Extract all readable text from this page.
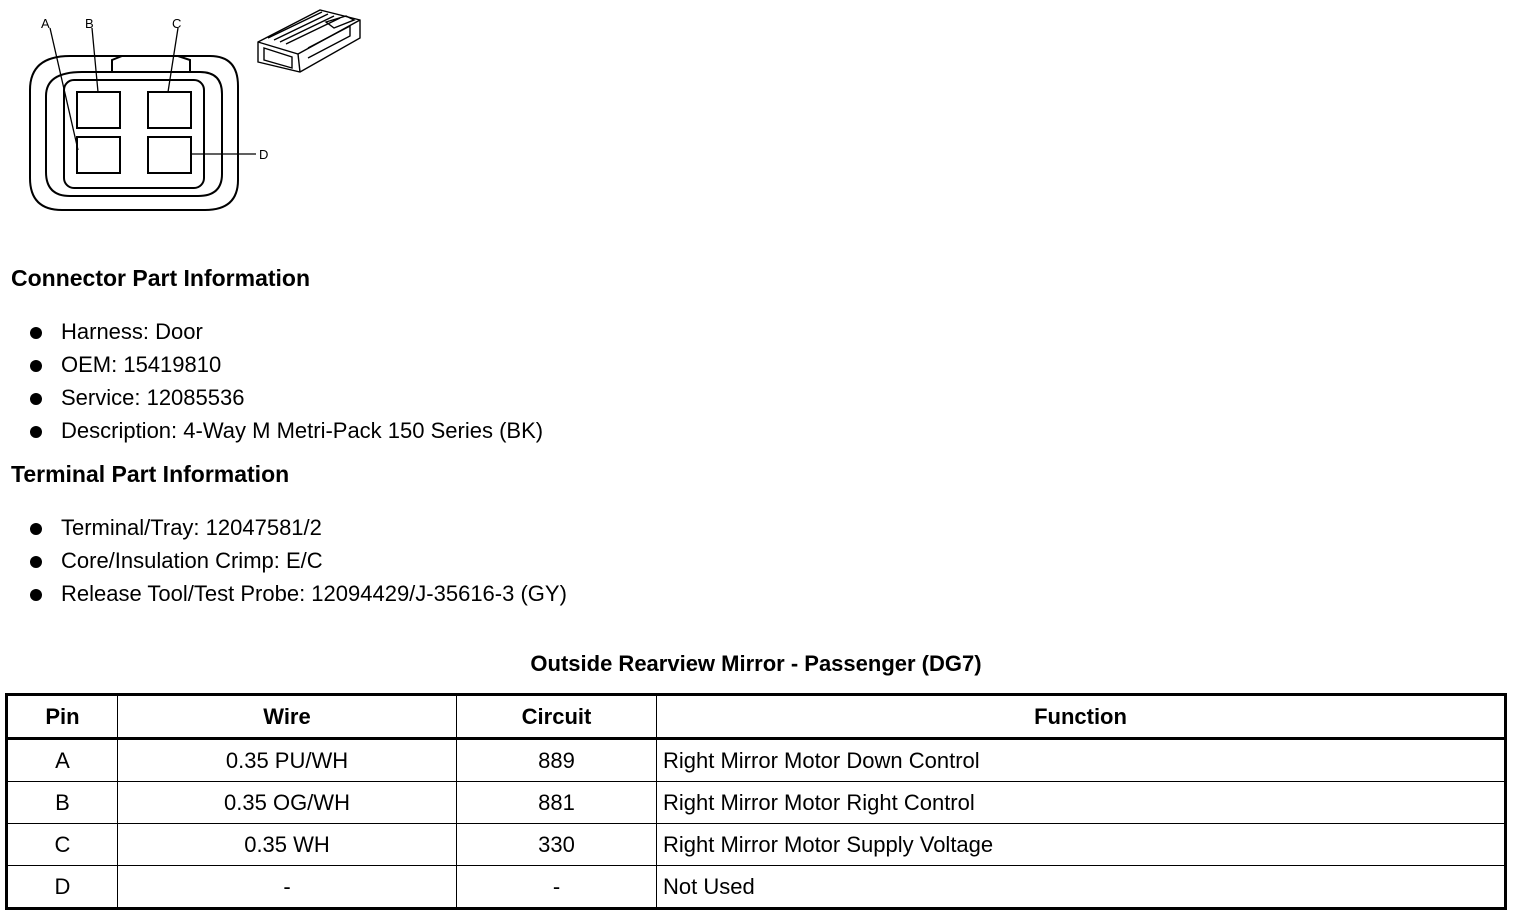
A	B	C
D
Connector Part Information
Harness: Door
OEM: 15419810
Service: 12085536
Description: 4-Way M Metri-Pack 150 Series (BK)
Terminal Part Information
Terminal/Tray: 12047581/2
Core/Insulation Crimp: E/C
Release Tool/Test Probe: 12094429/J-35616-3 (GY)
Outside Rearview Mirror - Passenger (DG7)
Pin	Wire	Circuit	Function
A	0.35 PU/WH	889	Right Mirror Motor Down Control
B	0.35 OG/WH	881	Right Mirror Motor Right Control
C	0.35 WH	330	Right Mirror Motor Supply Voltage
D	-	-	Not Used
